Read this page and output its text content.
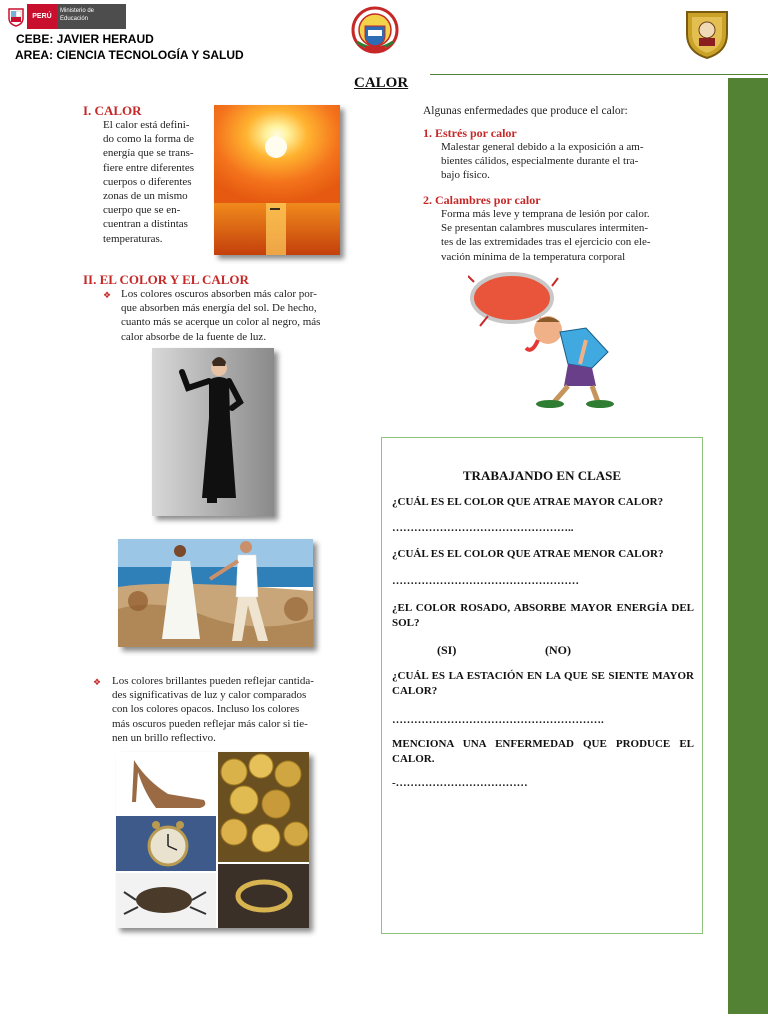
PERÚ
Ministerio de Educación
CEBE: JAVIER HERAUD
AREA: CIENCIA TECNOLOGÍA Y SALUD
CALOR
I. CALOR
El calor está defini-
do como la forma de
energía que se trans-
fiere entre diferentes
cuerpos o diferentes
zonas de un mismo
cuerpo que se en-
cuentran a distintas
temperaturas.
II. EL COLOR Y EL CALOR
❖ Los colores oscuros absorben más calor por-
que absorben más energía del sol. De hecho,
cuanto más se acerque un color al negro, más
calor absorbe de la fuente de luz.
❖ Los colores brillantes pueden reflejar cantida-
des significativas de luz y calor comparados
con los colores opacos. Incluso los colores
más oscuros pueden reflejar más calor si tie-
nen un brillo reflectivo.
Algunas enfermedades que produce el calor:
1. Estrés por calor
Malestar general debido a la exposición a am-
bientes cálidos, especialmente durante el tra-
bajo físico.
2. Calambres por calor
Forma más leve y temprana de lesión por calor.
Se presentan calambres musculares intermiten-
tes de las extremidades tras el ejercicio con ele-
vación mínima de la temperatura corporal
TRABAJANDO EN CLASE
¿CUÁL ES EL COLOR QUE ATRAE MAYOR CALOR?
…………………………………………..
¿CUÁL ES EL COLOR QUE ATRAE MENOR CALOR?
……………………………………………
¿EL COLOR ROSADO, ABSORBE MAYOR ENERGÍA DEL SOL?
(SI)	(NO)
¿CUÁL ES LA ESTACIÓN EN LA QUE SE SIENTE MAYOR CALOR?
………………………………………………….
MENCIONA UNA ENFERMEDAD QUE PRODUCE EL CALOR.
-………………………………
